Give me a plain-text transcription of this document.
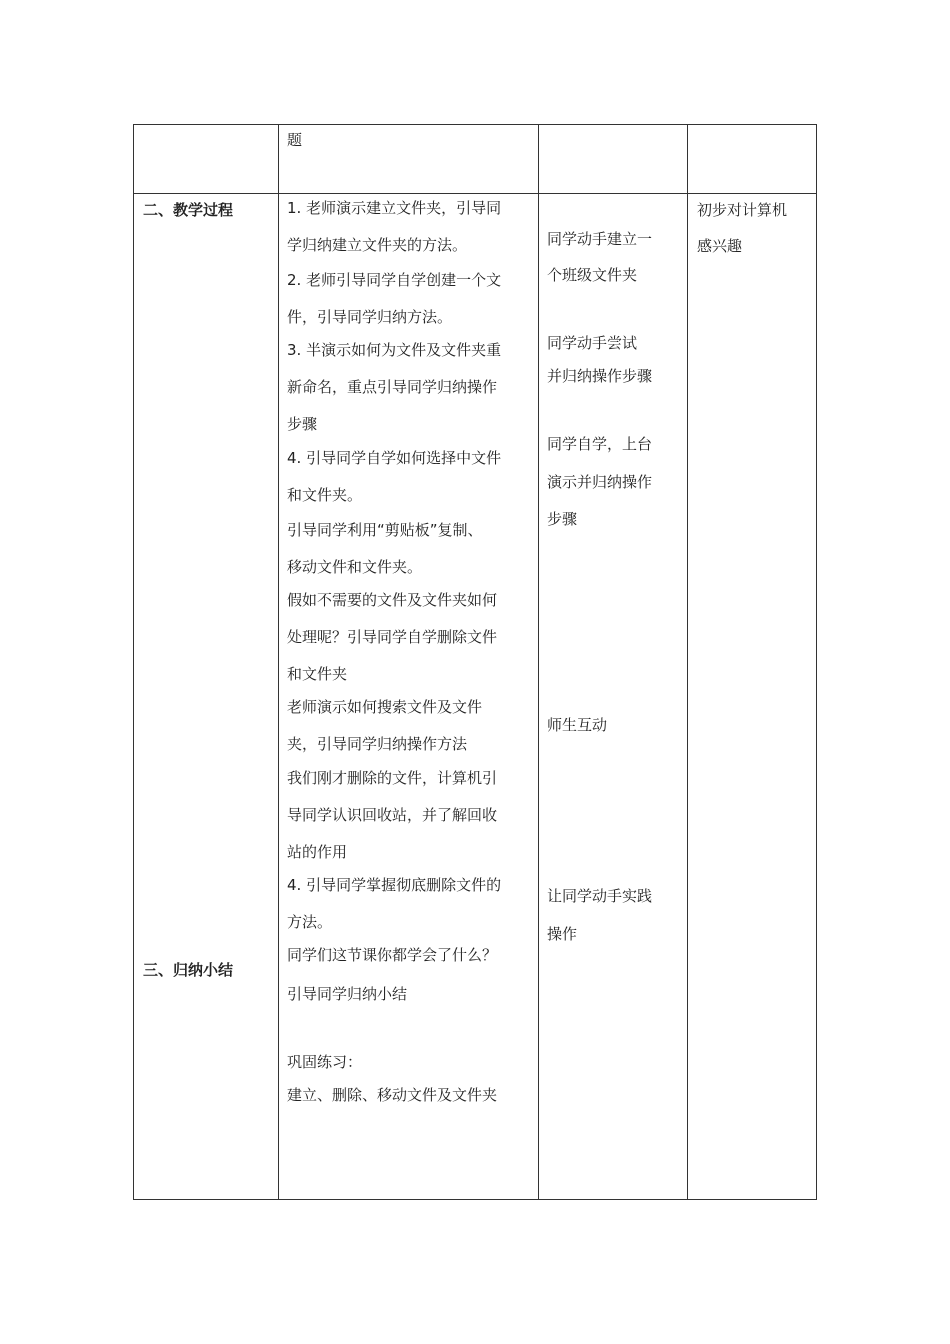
题
二、教学过程
三、归纳小结
1. 老师演示建立文件夹，引导同
学归纳建立文件夹的方法。
2. 老师引导同学自学创建一个文
件，引导同学归纳方法。
3. 半演示如何为文件及文件夹重
新命名，重点引导同学归纳操作
步骤
4. 引导同学自学如何选择中文件
和文件夹。
引导同学利用“剪贴板”复制、
移动文件和文件夹。
假如不需要的文件及文件夹如何
处理呢？引导同学自学删除文件
和文件夹
老师演示如何搜索文件及文件
夹，引导同学归纳操作方法
我们刚才删除的文件，计算机引
导同学认识回收站，并了解回收
站的作用
4. 引导同学掌握彻底删除文件的
方法。
同学们这节课你都学会了什么？
引导同学归纳小结
巩固练习：
建立、删除、移动文件及文件夹
同学动手建立一
个班级文件夹
同学动手尝试
并归纳操作步骤
同学自学，上台
演示并归纳操作
步骤
师生互动
让同学动手实践
操作
初步对计算机
感兴趣
